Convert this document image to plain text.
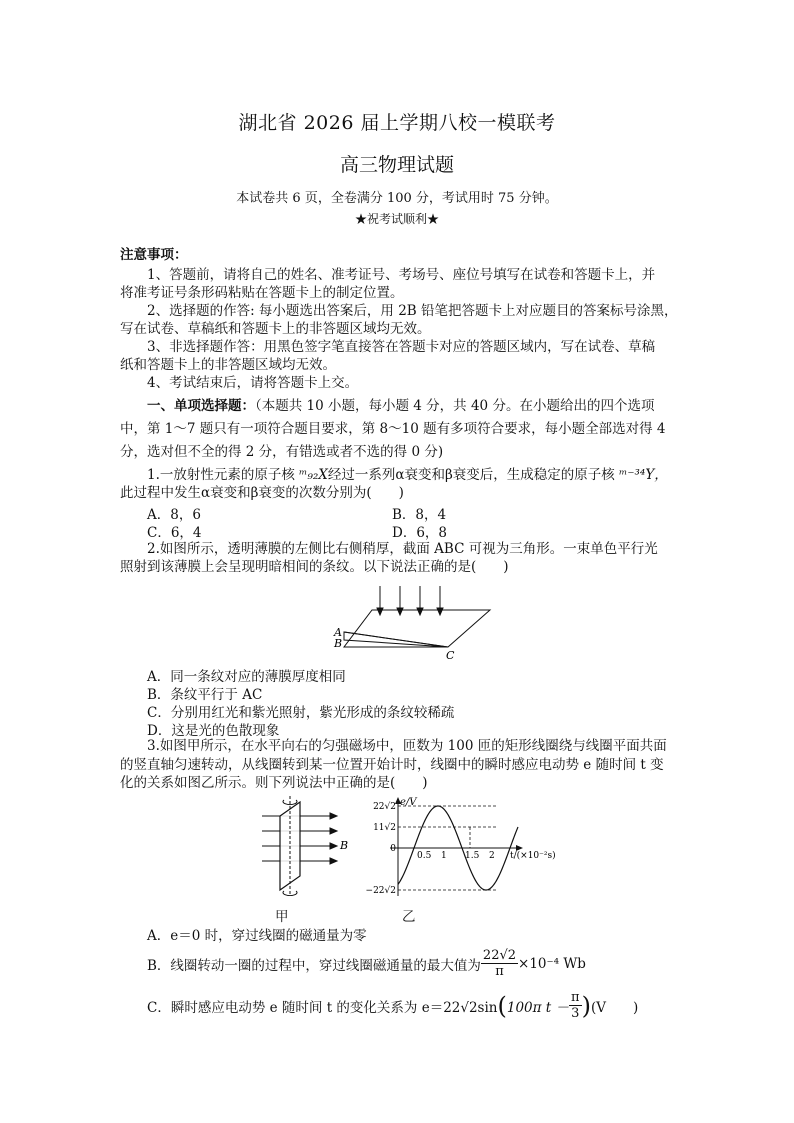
湖北省 2026 届上学期八校一模联考
高三物理试题
本试卷共 6 页，全卷满分 100 分，考试用时 75 分钟。
★祝考试顺利★
注意事项：
1、答题前，请将自己的姓名、准考证号、考场号、座位号填写在试卷和答题卡上，并
将准考证号条形码粘贴在答题卡上的制定位置。
2、选择题的作答: 每小题选出答案后，用 2B 铅笔把答题卡上对应题目的答案标号涂黑，
写在试卷、草稿纸和答题卡上的非答题区域均无效。
3、非选择题作答：用黑色签字笔直接答在答题卡对应的答题区域内，写在试卷、草稿
纸和答题卡上的非答题区域均无效。
4、考试结束后，请将答题卡上交。
一、单项选择题：（本题共 10 小题，每小题 4 分，共 40 分。在小题给出的四个选项
中，第 1～7 题只有一项符合题目要求，第 8～10 题有多项符合要求，每小题全部选对得 4
分，选对但不全的得 2 分，有错选或者不选的得 0 分)
1.一放射性元素的原子核 ᵐ₉₂X经过一系列α衰变和β衰变后，生成稳定的原子核 ᵐ⁻³⁴Y，
此过程中发生α衰变和β衰变的次数分别为(　　)
A．8，6	B．8，4
C．6，4	D．6，8
2.如图所示，透明薄膜的左侧比右侧稍厚，截面 ABC 可视为三角形。一束单色平行光
照射到该薄膜上会呈现明暗相间的条纹。以下说法正确的是(　　)
A
B
C
A．同一条纹对应的薄膜厚度相同
B．条纹平行于 AC
C．分别用红光和紫光照射，紫光形成的条纹较稀疏
D．这是光的色散现象
3.如图甲所示，在水平向右的匀强磁场中，匝数为 100 匝的矩形线圈绕与线圈平面共面
的竖直轴匀速转动，从线圈转到某一位置开始计时，线圈中的瞬时感应电动势 e 随时间 t 变
化的关系如图乙所示。则下列说法中正确的是(　　)
B
甲
e/V
t/(×10⁻²s)
0.5 1 1.5 2
22√2
11√2
0
−22√2
乙
A．e＝0 时，穿过线圈的磁通量为零
B．线圈转动一圈的过程中，穿过线圈磁通量的最大值为 $\frac{22√2}{\pi} \times 10^{-4}$ Wb
C．瞬时感应电动势 e 随时间 t 的变化关系为 e＝22√2sin ( 100π $t - \frac{\pi}{3}$ ) (V　　)
